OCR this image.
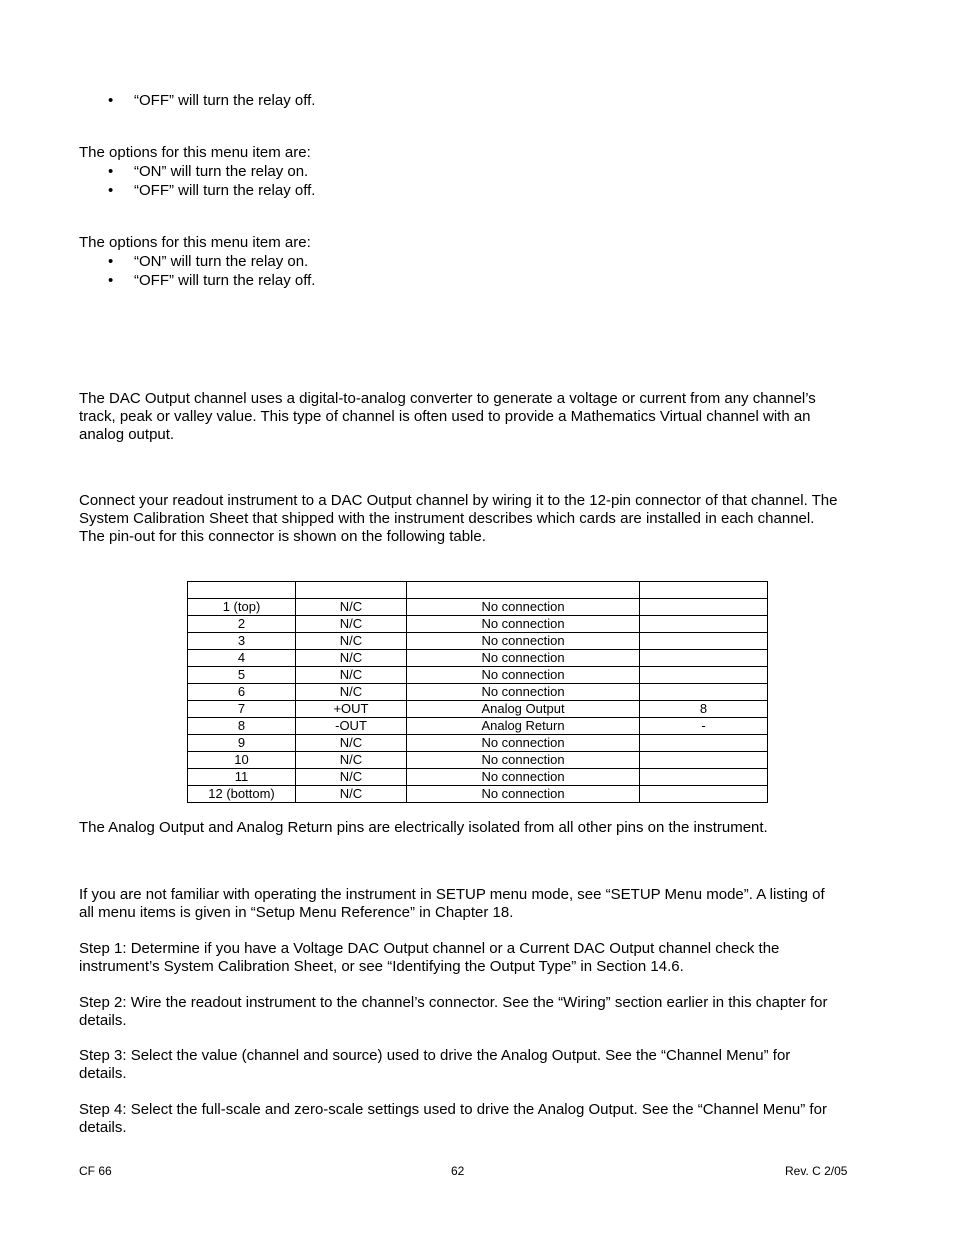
• “OFF” will turn the relay off.
The options for this menu item are:
• “ON” will turn the relay on.
• “OFF” will turn the relay off.
The options for this menu item are:
• “ON” will turn the relay on.
• “OFF” will turn the relay off.
The DAC Output channel uses a digital-to-analog converter to generate a voltage or current from any channel’s
track, peak or valley value. This type of channel is often used to provide a Mathematics Virtual channel with an
analog output.
Connect your readout instrument to a DAC Output channel by wiring it to the 12-pin connector of that channel. The
System Calibration Sheet that shipped with the instrument describes which cards are installed in each channel.
The pin-out for this connector is shown on the following table.

1 (top)	N/C	No connection	
2	N/C	No connection	
3	N/C	No connection	
4	N/C	No connection	
5	N/C	No connection	
6	N/C	No connection	
7	+OUT	Analog Output	8
8	-OUT	Analog Return	-
9	N/C	No connection	
10	N/C	No connection	
11	N/C	No connection	
12 (bottom)	N/C	No connection	
The Analog Output and Analog Return pins are electrically isolated from all other pins on the instrument.
If you are not familiar with operating the instrument in SETUP menu mode, see “SETUP Menu mode”. A listing of
all menu items is given in “Setup Menu Reference” in Chapter 18.
Step 1: Determine if you have a Voltage DAC Output channel or a Current DAC Output channel check the
instrument’s System Calibration Sheet, or see “Identifying the Output Type” in Section 14.6.
Step 2: Wire the readout instrument to the channel’s connector. See the “Wiring” section earlier in this chapter for
details.
Step 3: Select the value (channel and source) used to drive the Analog Output. See the “Channel Menu” for
details.
Step 4: Select the full-scale and zero-scale settings used to drive the Analog Output. See the “Channel Menu” for
details.
CF 66	62	Rev. C 2/05
